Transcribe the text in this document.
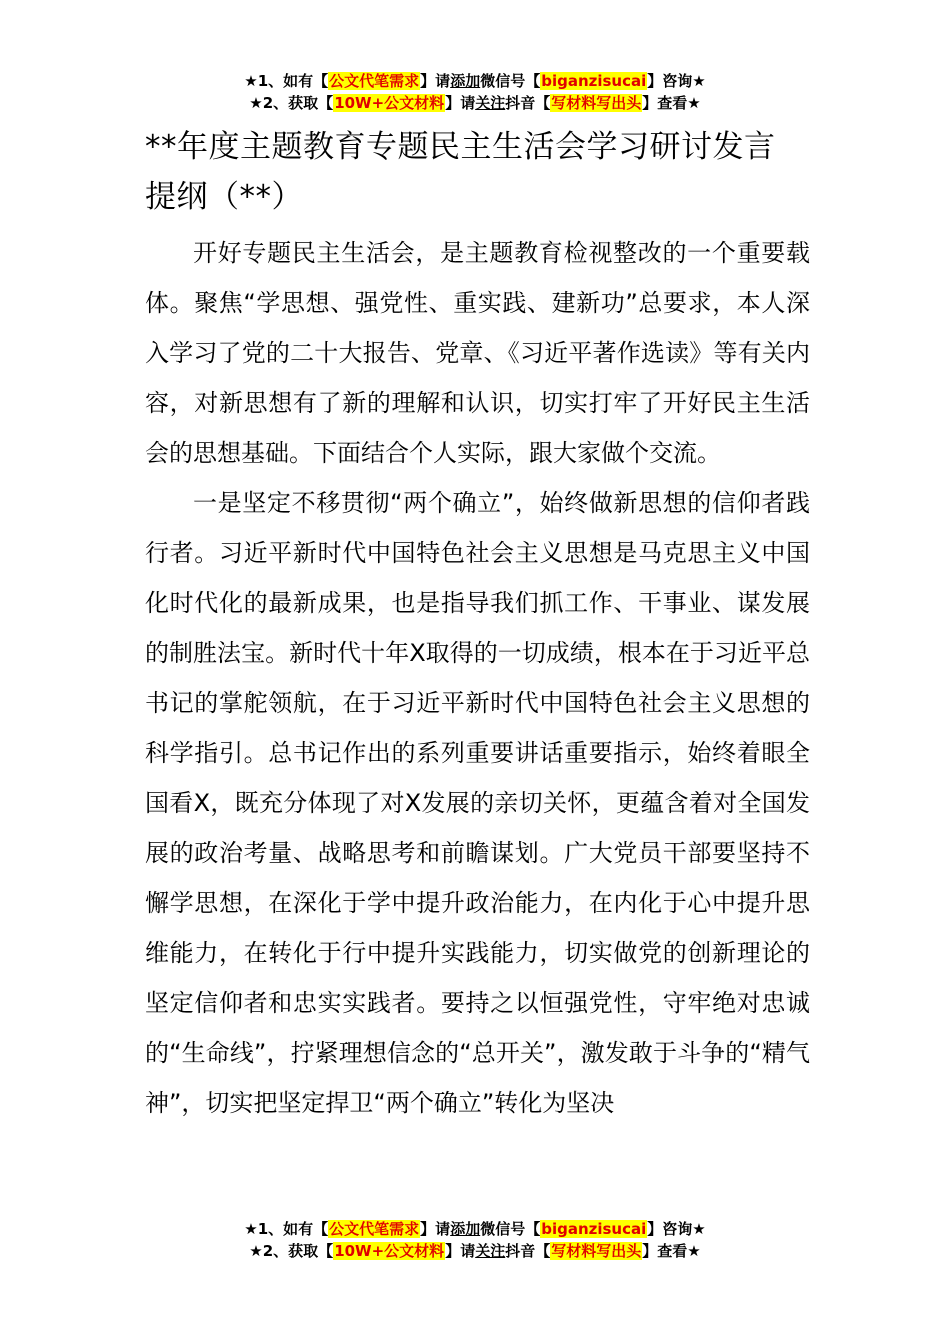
★1、如有【公文代笔需求】请添加微信号【biganzisucai】咨询★
★2、获取【10W+公文材料】请关注抖音【写材料写出头】查看★
**年度主题教育专题民主生活会学习研讨发言
提纲（**）

开好专题民主生活会，是主题教育检视整改的一个重要载体。聚焦“学思想、强党性、重实践、建新功”总要求，本人深入学习了党的二十大报告、党章、《习近平著作选读》等有关内容，对新思想有了新的理解和认识，切实打牢了开好民主生活会的思想基础。下面结合个人实际，跟大家做个交流。

一是坚定不移贯彻“两个确立”，始终做新思想的信仰者践行者。习近平新时代中国特色社会主义思想是马克思主义中国化时代化的最新成果，也是指导我们抓工作、干事业、谋发展的制胜法宝。新时代十年X取得的一切成绩，根本在于习近平总书记的掌舵领航，在于习近平新时代中国特色社会主义思想的科学指引。总书记作出的系列重要讲话重要指示，始终着眼全国看X，既充分体现了对X发展的亲切关怀，更蕴含着对全国发展的政治考量、战略思考和前瞻谋划。广大党员干部要坚持不懈学思想，在深化于学中提升政治能力，在内化于心中提升思维能力，在转化于行中提升实践能力，切实做党的创新理论的坚定信仰者和忠实实践者。要持之以恒强党性，守牢绝对忠诚的“生命线”，拧紧理想信念的“总开关”，激发敢于斗争的“精气神”，切实把坚定捍卫“两个确立”转化为坚决

★1、如有【公文代笔需求】请添加微信号【biganzisucai】咨询★
★2、获取【10W+公文材料】请关注抖音【写材料写出头】查看★
